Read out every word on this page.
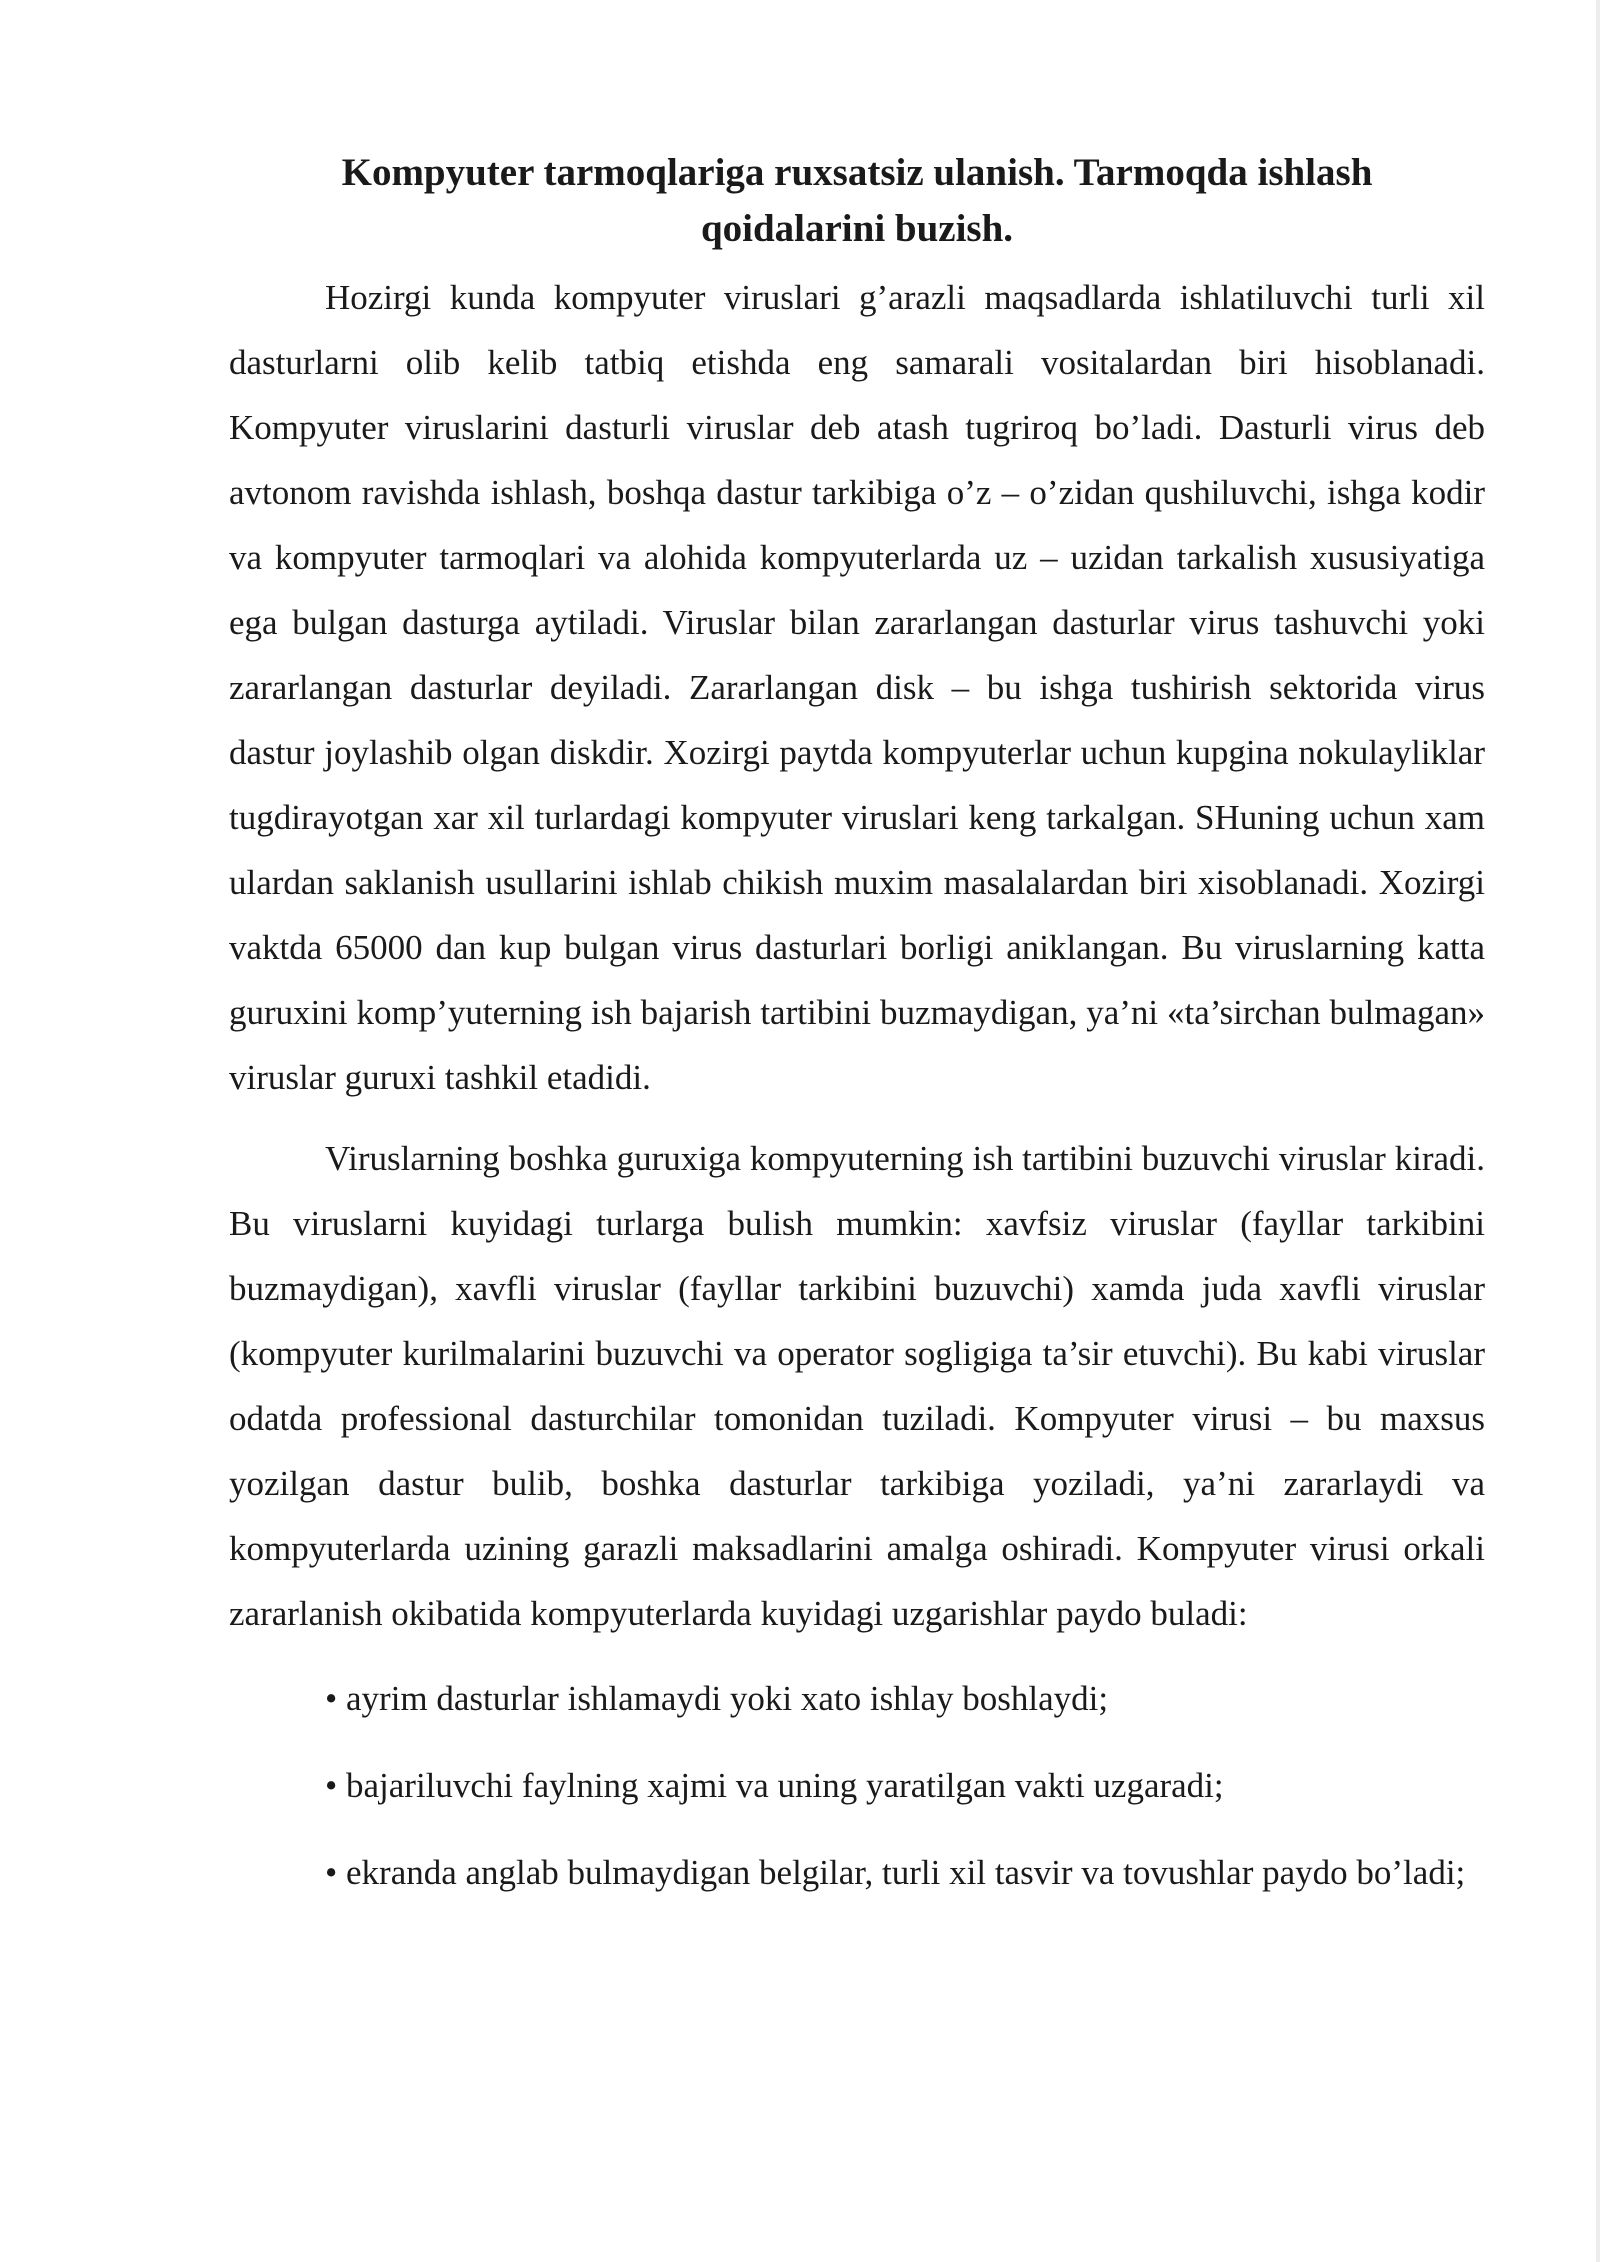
Kompyuter tarmoqlariga ruxsatsiz ulanish. Tarmoqda ishlash
qoidalarini buzish.

Hozirgi kunda kompyuter viruslari g’arazli maqsadlarda ishlatiluvchi turli xil dasturlarni olib kelib tatbiq etishda eng samarali vositalardan biri hisoblanadi. Kompyuter viruslarini dasturli viruslar deb atash tugriroq bo’ladi. Dasturli virus deb avtonom ravishda ishlash, boshqa dastur tarkibiga o’z – o’zidan qushiluvchi, ishga kodir va kompyuter tarmoqlari va alohida kompyuterlarda uz – uzidan tarkalish xususiyatiga ega bulgan dasturga aytiladi. Viruslar bilan zararlangan dasturlar virus tashuvchi yoki zararlangan dasturlar deyiladi. Zararlangan disk – bu ishga tushirish sektorida virus dastur joylashib olgan diskdir. Xozirgi paytda kompyuterlar uchun kupgina nokulayliklar tugdirayotgan xar xil turlardagi kompyuter viruslari keng tarkalgan. SHuning uchun xam ulardan saklanish usullarini ishlab chikish muxim masalalardan biri xisoblanadi. Xozirgi vaktda 65000 dan kup bulgan virus dasturlari borligi aniklangan. Bu viruslarning katta guruxini komp’yuterning ish bajarish tartibini buzmaydigan, ya’ni «ta’sirchan bulmagan» viruslar guruxi tashkil etadidi.

Viruslarning boshka guruxiga kompyuterning ish tartibini buzuvchi viruslar kiradi. Bu viruslarni kuyidagi turlarga bulish mumkin: xavfsiz viruslar (fayllar tarkibini buzmaydigan), xavfli viruslar (fayllar tarkibini buzuvchi) xamda juda xavfli viruslar (kompyuter kurilmalarini buzuvchi va operator sogligiga ta’sir etuvchi). Bu kabi viruslar odatda professional dasturchilar tomonidan tuziladi. Kompyuter virusi – bu maxsus yozilgan dastur bulib, boshka dasturlar tarkibiga yoziladi, ya’ni zararlaydi va kompyuterlarda uzining garazli maksadlarini amalga oshiradi. Kompyuter virusi orkali zararlanish okibatida kompyuterlarda kuyidagi uzgarishlar paydo buladi:

• ayrim dasturlar ishlamaydi yoki xato ishlay boshlaydi;

• bajariluvchi faylning xajmi va uning yaratilgan vakti uzgaradi;

• ekranda anglab bulmaydigan belgilar, turli xil tasvir va tovushlar paydo bo’ladi;
